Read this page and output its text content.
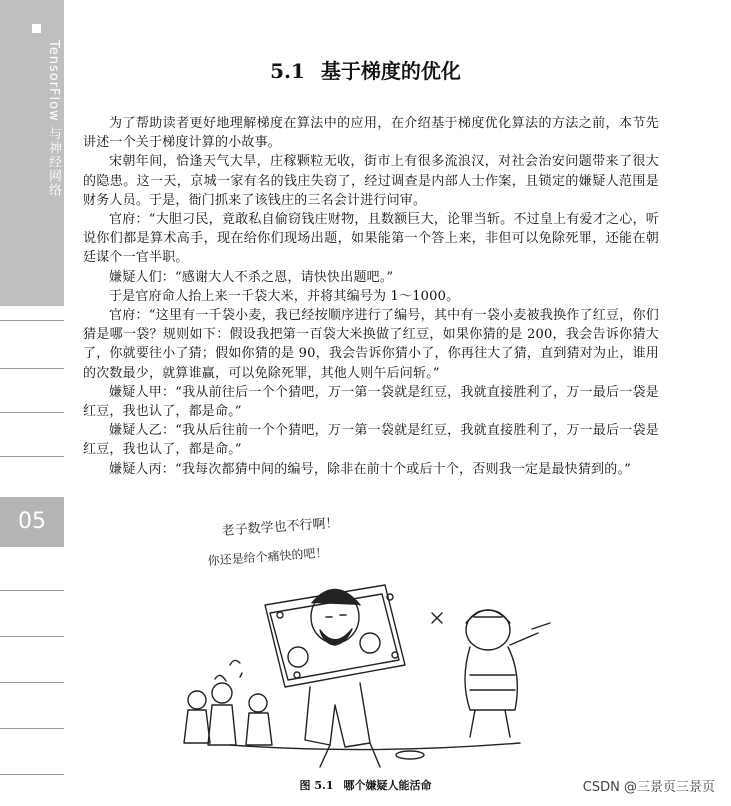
TensorFlow 与神经网络
05
5.1 基于梯度的优化

为了帮助读者更好地理解梯度在算法中的应用，在介绍基于梯度优化算法的方法之前，本节先讲述一个关于梯度计算的小故事。

宋朝年间，恰逢天气大旱，庄稼颗粒无收，街市上有很多流浪汉，对社会治安问题带来了很大的隐患。这一天，京城一家有名的钱庄失窃了，经过调查是内部人士作案，且锁定的嫌疑人范围是财务人员。于是，衙门抓来了该钱庄的三名会计进行问审。

官府：“大胆刁民，竟敢私自偷窃钱庄财物，且数额巨大，论罪当斩。不过皇上有爱才之心，听说你们都是算术高手，现在给你们现场出题，如果能第一个答上来，非但可以免除死罪，还能在朝廷谋个一官半职。

嫌疑人们：“感谢大人不杀之恩，请快快出题吧。”

于是官府命人抬上来一千袋大米，并将其编号为 1～1000。

官府：“这里有一千袋小麦，我已经按顺序进行了编号，其中有一袋小麦被我换作了红豆，你们猜是哪一袋？规则如下：假设我把第一百袋大米换做了红豆，如果你猜的是 200，我会告诉你猜大了，你就要往小了猜；假如你猜的是 90，我会告诉你猜小了，你再往大了猜，直到猜对为止，谁用的次数最少，就算谁赢，可以免除死罪，其他人则午后问斩。”

嫌疑人甲：“我从前往后一个个猜吧，万一第一袋就是红豆，我就直接胜利了，万一最后一袋是红豆，我也认了，都是命。”

嫌疑人乙：“我从后往前一个个猜吧，万一第一袋就是红豆，我就直接胜利了，万一最后一袋是红豆，我也认了，都是命。”

嫌疑人丙：“我每次都猜中间的编号，除非在前十个或后十个，否则我一定是最快猜到的。”

老子数学也不行啊！
你还是给个痛快的吧！
图 5.1 哪个嫌疑人能活命	CSDN @三景页三景页
